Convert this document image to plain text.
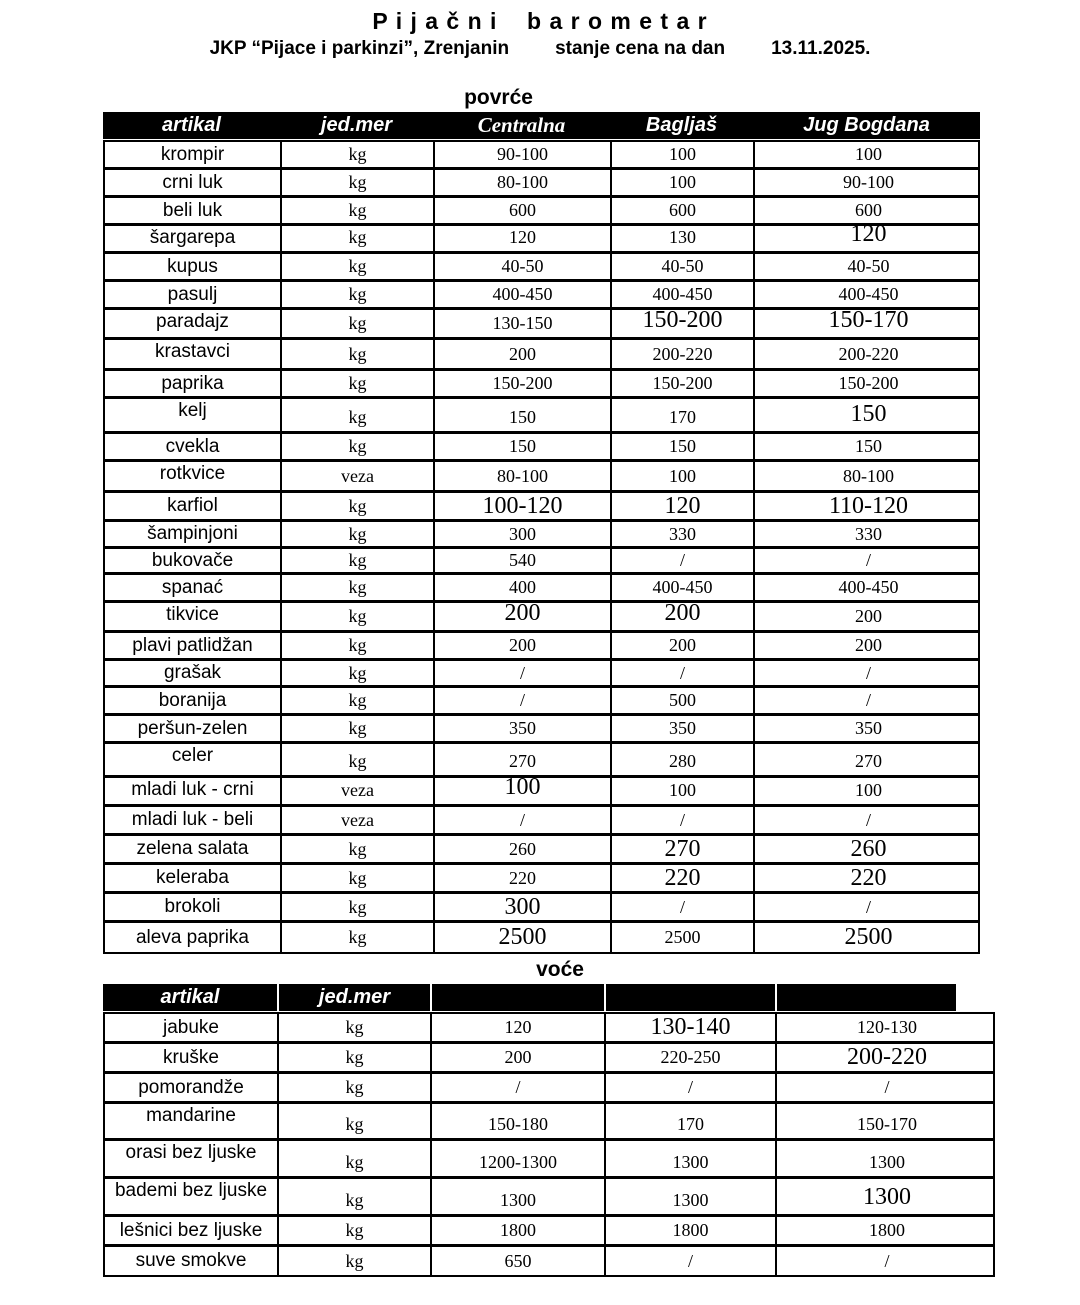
P i j a č n i    b a r o m e t a r
JKP “Pijace i parkinzi”, Zrenjanin stanje cena na dan 13.11.2025.
povrće
artikal	jed.mer	Centralna	Bagljaš	Jug Bogdana
krompir	kg	90-100	100	100
crni luk	kg	80-100	100	90-100
beli luk	kg	600	600	600
šargarepa	kg	120	130	120
kupus	kg	40-50	40-50	40-50
pasulj	kg	400-450	400-450	400-450
paradajz	kg	130-150	150-200	150-170
krastavci	kg	200	200-220	200-220
paprika	kg	150-200	150-200	150-200
kelj	kg	150	170	150
cvekla	kg	150	150	150
rotkvice	veza	80-100	100	80-100
karfiol	kg	100-120	120	110-120
šampinjoni	kg	300	330	330
bukovače	kg	540	/	/
spanać	kg	400	400-450	400-450
tikvice	kg	200	200	200
plavi patlidžan	kg	200	200	200
grašak	kg	/	/	/
boranija	kg	/	500	/
peršun-zelen	kg	350	350	350
celer	kg	270	280	270
mladi luk - crni	veza	100	100	100
mladi luk - beli	veza	/	/	/
zelena salata	kg	260	270	260
keleraba	kg	220	220	220
brokoli	kg	300	/	/
aleva paprika	kg	2500	2500	2500
voće
artikal	jed.mer
jabuke	kg	120	130-140	120-130
kruške	kg	200	220-250	200-220
pomorandže	kg	/	/	/
mandarine	kg	150-180	170	150-170
orasi bez ljuske	kg	1200-1300	1300	1300
bademi bez ljuske	kg	1300	1300	1300
lešnici bez ljuske	kg	1800	1800	1800
suve smokve	kg	650	/	/
